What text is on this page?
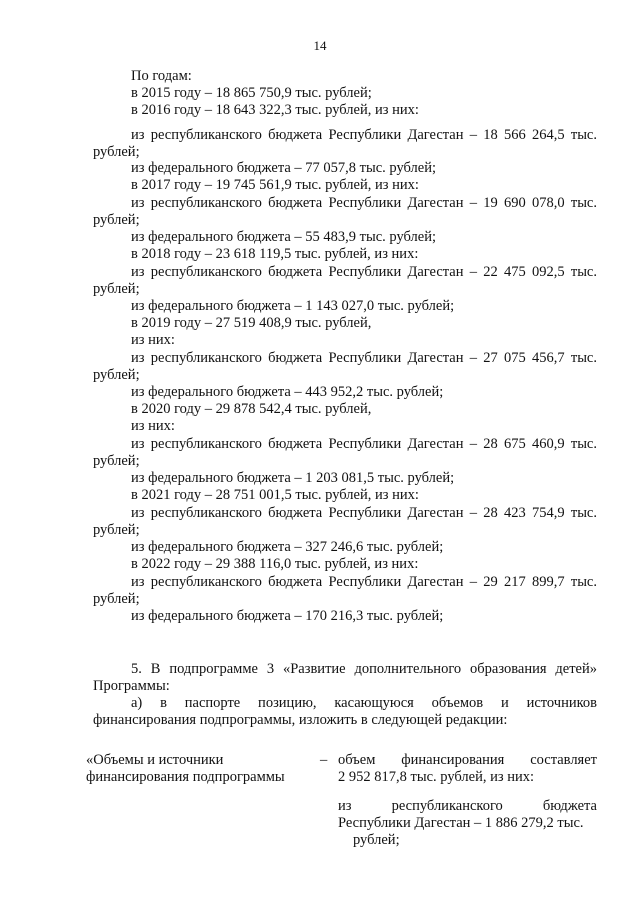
14
По годам:
в 2015 году – 18 865 750,9 тыс. рублей;
в 2016 году – 18 643 322,3 тыс. рублей, из них:
из республиканского бюджета Республики Дагестан – 18 566 264,5 тыс.
рублей;
из федерального бюджета – 77 057,8 тыс. рублей;
в 2017 году – 19 745 561,9 тыс. рублей, из них:
из республиканского бюджета Республики Дагестан – 19 690 078,0 тыс.
рублей;
из федерального бюджета – 55 483,9 тыс. рублей;
в 2018 году – 23 618 119,5 тыс. рублей, из них:
из республиканского бюджета Республики Дагестан – 22 475 092,5 тыс.
рублей;
из федерального бюджета – 1 143 027,0 тыс. рублей;
в 2019 году – 27 519 408,9 тыс. рублей,
из них:
из республиканского бюджета Республики Дагестан – 27 075 456,7 тыс.
рублей;
из федерального бюджета – 443 952,2 тыс. рублей;
в 2020 году – 29 878 542,4 тыс. рублей,
из них:
из республиканского бюджета Республики Дагестан – 28 675 460,9 тыс.
рублей;
из федерального бюджета – 1 203 081,5 тыс. рублей;
в 2021 году – 28 751 001,5 тыс. рублей, из них:
из республиканского бюджета Республики Дагестан – 28 423 754,9 тыс.
рублей;
из федерального бюджета – 327 246,6 тыс. рублей;
в 2022 году – 29 388 116,0 тыс. рублей, из них:
из республиканского бюджета Республики Дагестан – 29 217 899,7 тыс.
рублей;
из федерального бюджета – 170 216,3 тыс. рублей;
5. В подпрограмме 3 «Развитие дополнительного образования детей»
Программы:
а) в паспорте позицию, касающуюся объемов и источников
финансирования подпрограммы, изложить в следующей редакции:
«Объемы и источники
финансирования подпрограммы
– объем финансирования составляет
2 952 817,8 тыс. рублей, из них:
из республиканского бюджета
Республики Дагестан – 1 886 279,2 тыс.
рублей;
